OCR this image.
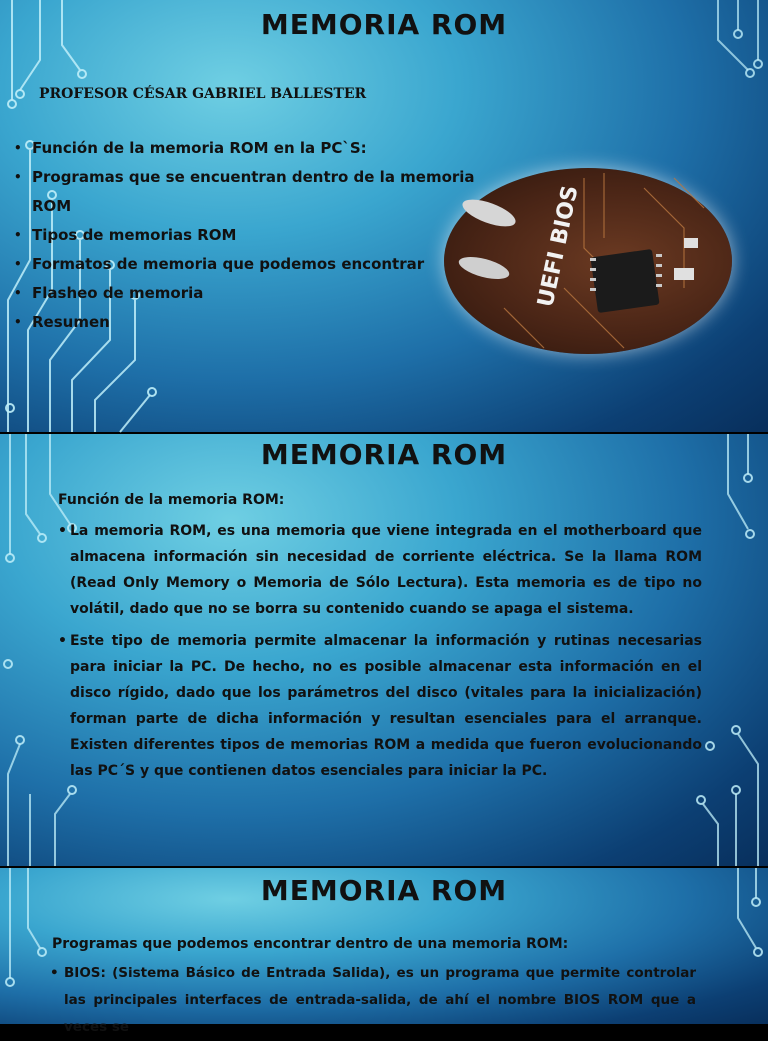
MEMORIA ROM
PROFESOR CÉSAR GABRIEL BALLESTER
• Función de la memoria ROM en la PC`S:
• Programas que se encuentran dentro de la memoria ROM
• Tipos de memorias ROM
• Formatos de memoria que podemos encontrar
• Flasheo de memoria
• Resumen
UEFI BIOS
MEMORIA ROM
Función de la memoria ROM:
• La memoria ROM, es una memoria que viene integrada en el motherboard que almacena información sin necesidad de corriente eléctrica. Se la llama ROM (Read Only Memory o Memoria de Sólo Lectura). Esta memoria es de tipo no volátil, dado que no se borra su contenido cuando se apaga el sistema.
• Este tipo de memoria permite almacenar la información y rutinas necesarias para iniciar la PC. De hecho, no es posible almacenar esta información en el disco rígido, dado que los parámetros del disco (vitales para la inicialización) forman parte de dicha información y resultan esenciales para el arranque. Existen diferentes tipos de memorias ROM a medida que fueron evolucionando las PC´S y que contienen datos esenciales para iniciar la PC.
MEMORIA ROM
Programas que podemos encontrar dentro de una memoria ROM:
• BIOS: (Sistema Básico de Entrada Salida), es un programa que permite controlar las principales interfaces de entrada-salida, de ahí el nombre BIOS ROM que a veces se
